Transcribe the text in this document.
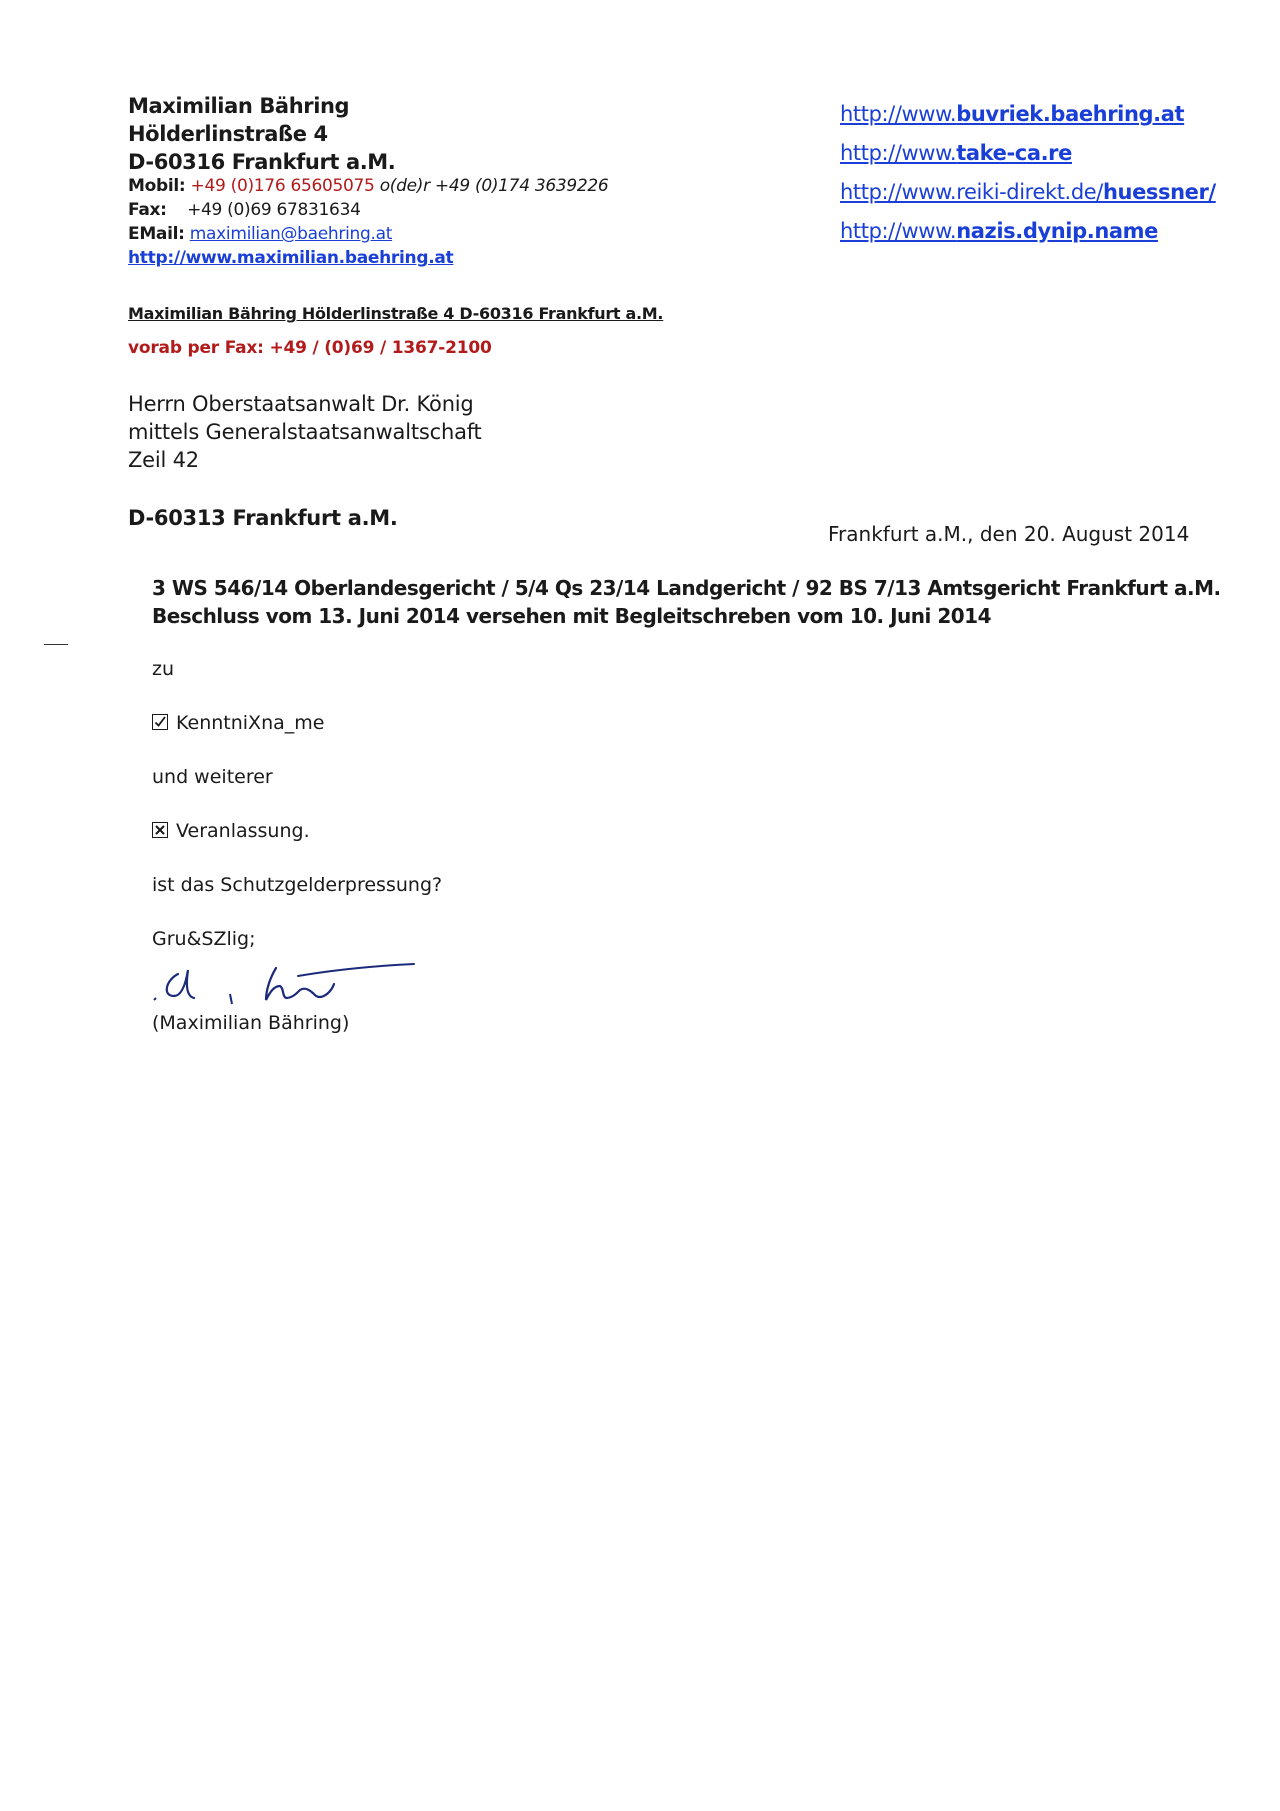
Maximilian Bähring
Hölderlinstraße 4
D-60316 Frankfurt a.M.
Mobil: +49 (0)176 65605075 o(de)r +49 (0)174 3639226
Fax: +49 (0)69 67831634
EMail: maximilian@baehring.at
http://www.maximilian.baehring.at
http://www.buvriek.baehring.at
http://www.take-ca.re
http://www.reiki-direkt.de/huessner/
http://www.nazis.dynip.name
Maximilian Bähring Hölderlinstraße 4 D-60316 Frankfurt a.M.
vorab per Fax: +49 / (0)69 / 1367-2100
Herrn Oberstaatsanwalt Dr. König
mittels Generalstaatsanwaltschaft
Zeil 42
D-60313 Frankfurt a.M.
Frankfurt a.M., den 20. August 2014
3 WS 546/14 Oberlandesgericht / 5/4 Qs 23/14 Landgericht / 92 BS 7/13 Amtsgericht Frankfurt a.M.
Beschluss vom 13. Juni 2014 versehen mit Begleitschreben vom 10. Juni 2014
zu
KenntniXna_me
und weiterer
Veranlassung.
ist das Schutzgelderpressung?
Gru&SZlig;
(Maximilian Bähring)
